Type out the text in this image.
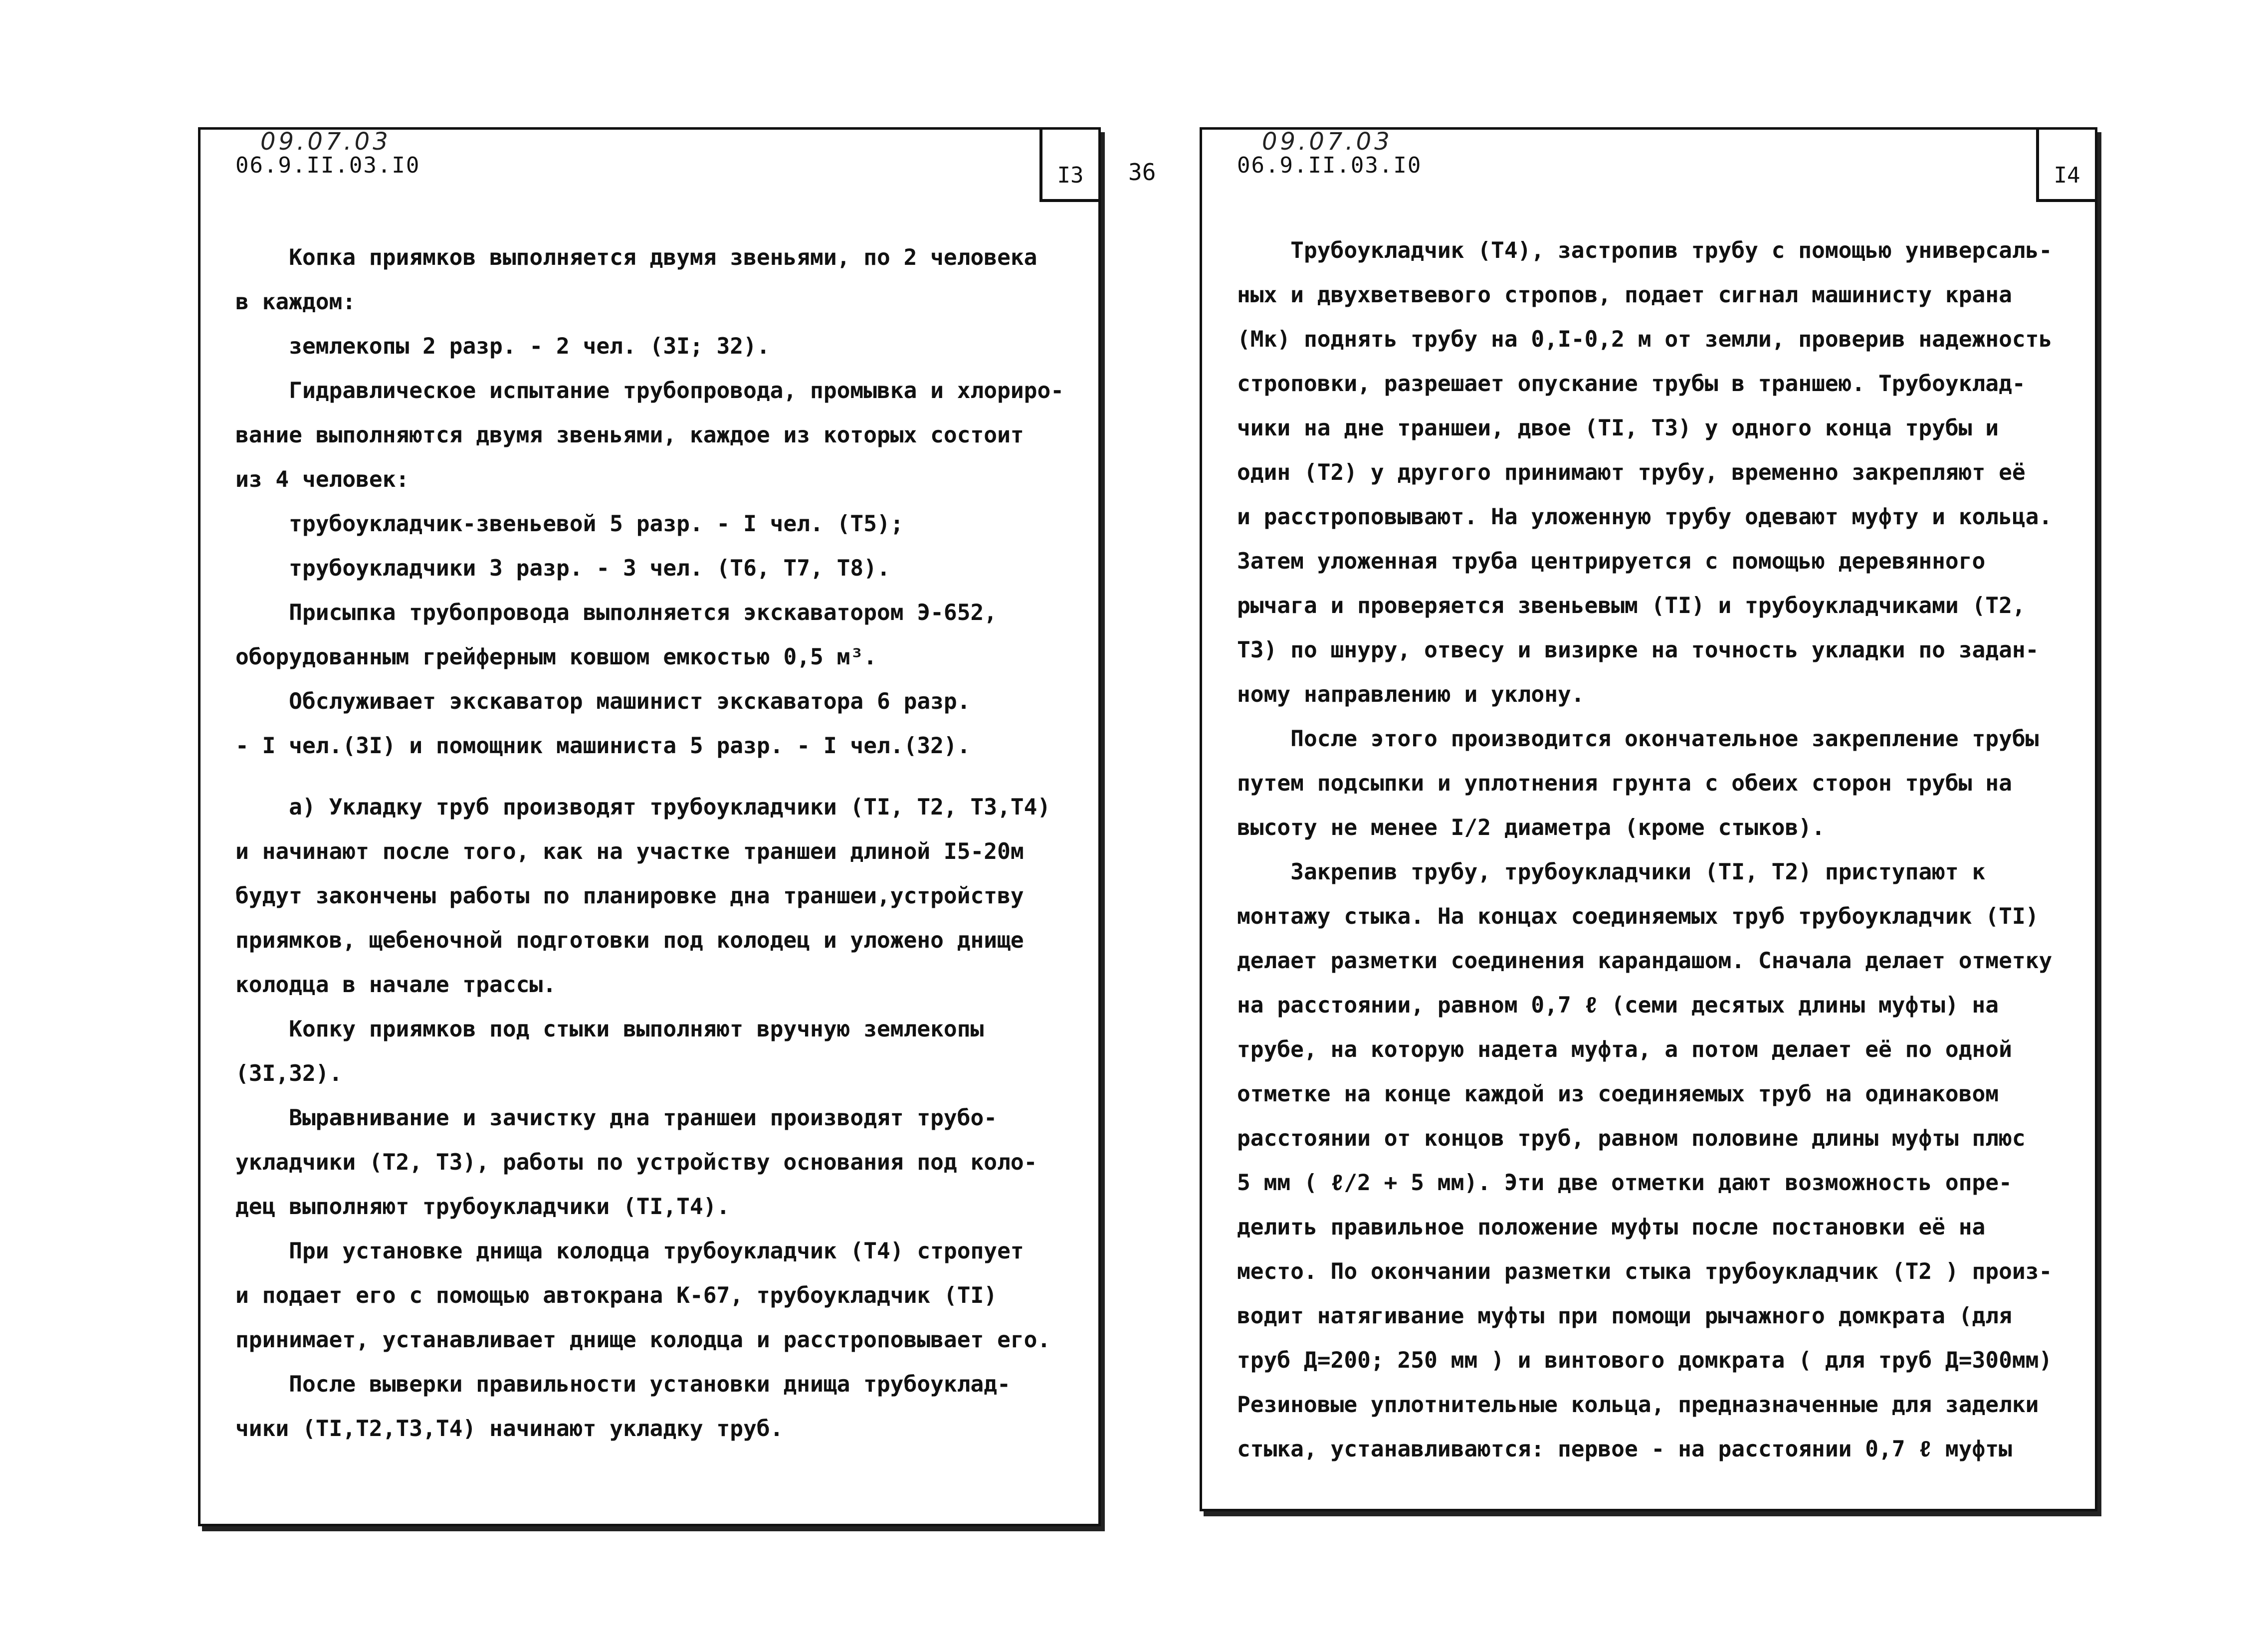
09.07.03
06.9.II.03.I0	I3
Копка приямков выполняется двумя звеньями, по 2 человека
в каждом:
землекопы 2 разр. - 2 чел. (ЗI; З2).
Гидравлическое испытание трубопровода, промывка и хлориро-
вание выполняются двумя звеньями, каждое из которых состоит
из 4 человек:
трубоукладчик-звеньевой 5 разр. - I чел. (Т5);
трубоукладчики 3 разр. - 3 чел. (Т6, Т7, Т8).
Присыпка трубопровода выполняется экскаватором Э-652,
оборудованным грейферным ковшом емкостью 0,5 м³.
Обслуживает экскаватор машинист экскаватора 6 разр.
- I чел.(ЗI) и помощник машиниста 5 разр. - I чел.(З2).
а) Укладку труб производят трубоукладчики (ТI, Т2, Т3,Т4)
и начинают после того, как на участке траншеи длиной I5-20м
будут закончены работы по планировке дна траншеи,устройству
приямков, щебеночной подготовки под колодец и уложено днище
колодца в начале трассы.
Копку приямков под стыки выполняют вручную землекопы
(ЗI,З2).
Выравнивание и зачистку дна траншеи производят трубо-
укладчики (Т2, Т3), работы по устройству основания под коло-
дец выполняют трубоукладчики (ТI,Т4).
При установке днища колодца трубоукладчик (Т4) стропует
и подает его с помощью автокрана К-67, трубоукладчик (ТI)
принимает, устанавливает днище колодца и расстроповывает его.
После выверки правильности установки днища трубоуклад-
чики (ТI,Т2,Т3,Т4) начинают укладку труб.
36
09.07.03
06.9.II.03.I0	I4
Трубоукладчик (Т4), застропив трубу с помощью универсаль-
ных и двухветвевого стропов, подает сигнал машинисту крана
(Мк) поднять трубу на 0,I-0,2 м от земли, проверив надежность
строповки, разрешает опускание трубы в траншею. Трубоуклад-
чики на дне траншеи, двое (ТI, Т3) у одного конца трубы и
один (Т2) у другого принимают трубу, временно закрепляют её
и расстроповывают. На уложенную трубу одевают муфту и кольца.
Затем уложенная труба центрируется с помощью деревянного
рычага и проверяется звеньевым (ТI) и трубоукладчиками (Т2,
Т3) по шнуру, отвесу и визирке на точность укладки по задан-
ному направлению и уклону.
После этого производится окончательное закрепление трубы
путем подсыпки и уплотнения грунта с обеих сторон трубы на
высоту не менее I/2 диаметра (кроме стыков).
Закрепив трубу, трубоукладчики (ТI, Т2) приступают к
монтажу стыка. На концах соединяемых труб трубоукладчик (ТI)
делает разметки соединения карандашом. Сначала делает отметку
на расстоянии, равном 0,7 ℓ (семи десятых длины муфты) на
трубе, на которую надета муфта, а потом делает её по одной
отметке на конце каждой из соединяемых труб на одинаковом
расстоянии от концов труб, равном половине длины муфты плюс
5 мм ( ℓ/2 + 5 мм). Эти две отметки дают возможность опре-
делить правильное положение муфты после постановки её на
место. По окончании разметки стыка трубоукладчик (Т2 ) произ-
водит натягивание муфты при помощи рычажного домкрата (для
труб Д=200; 250 мм ) и винтового домкрата ( для труб Д=300мм)
Резиновые уплотнительные кольца, предназначенные для заделки
стыка, устанавливаются: первое - на расстоянии 0,7 ℓ муфты
